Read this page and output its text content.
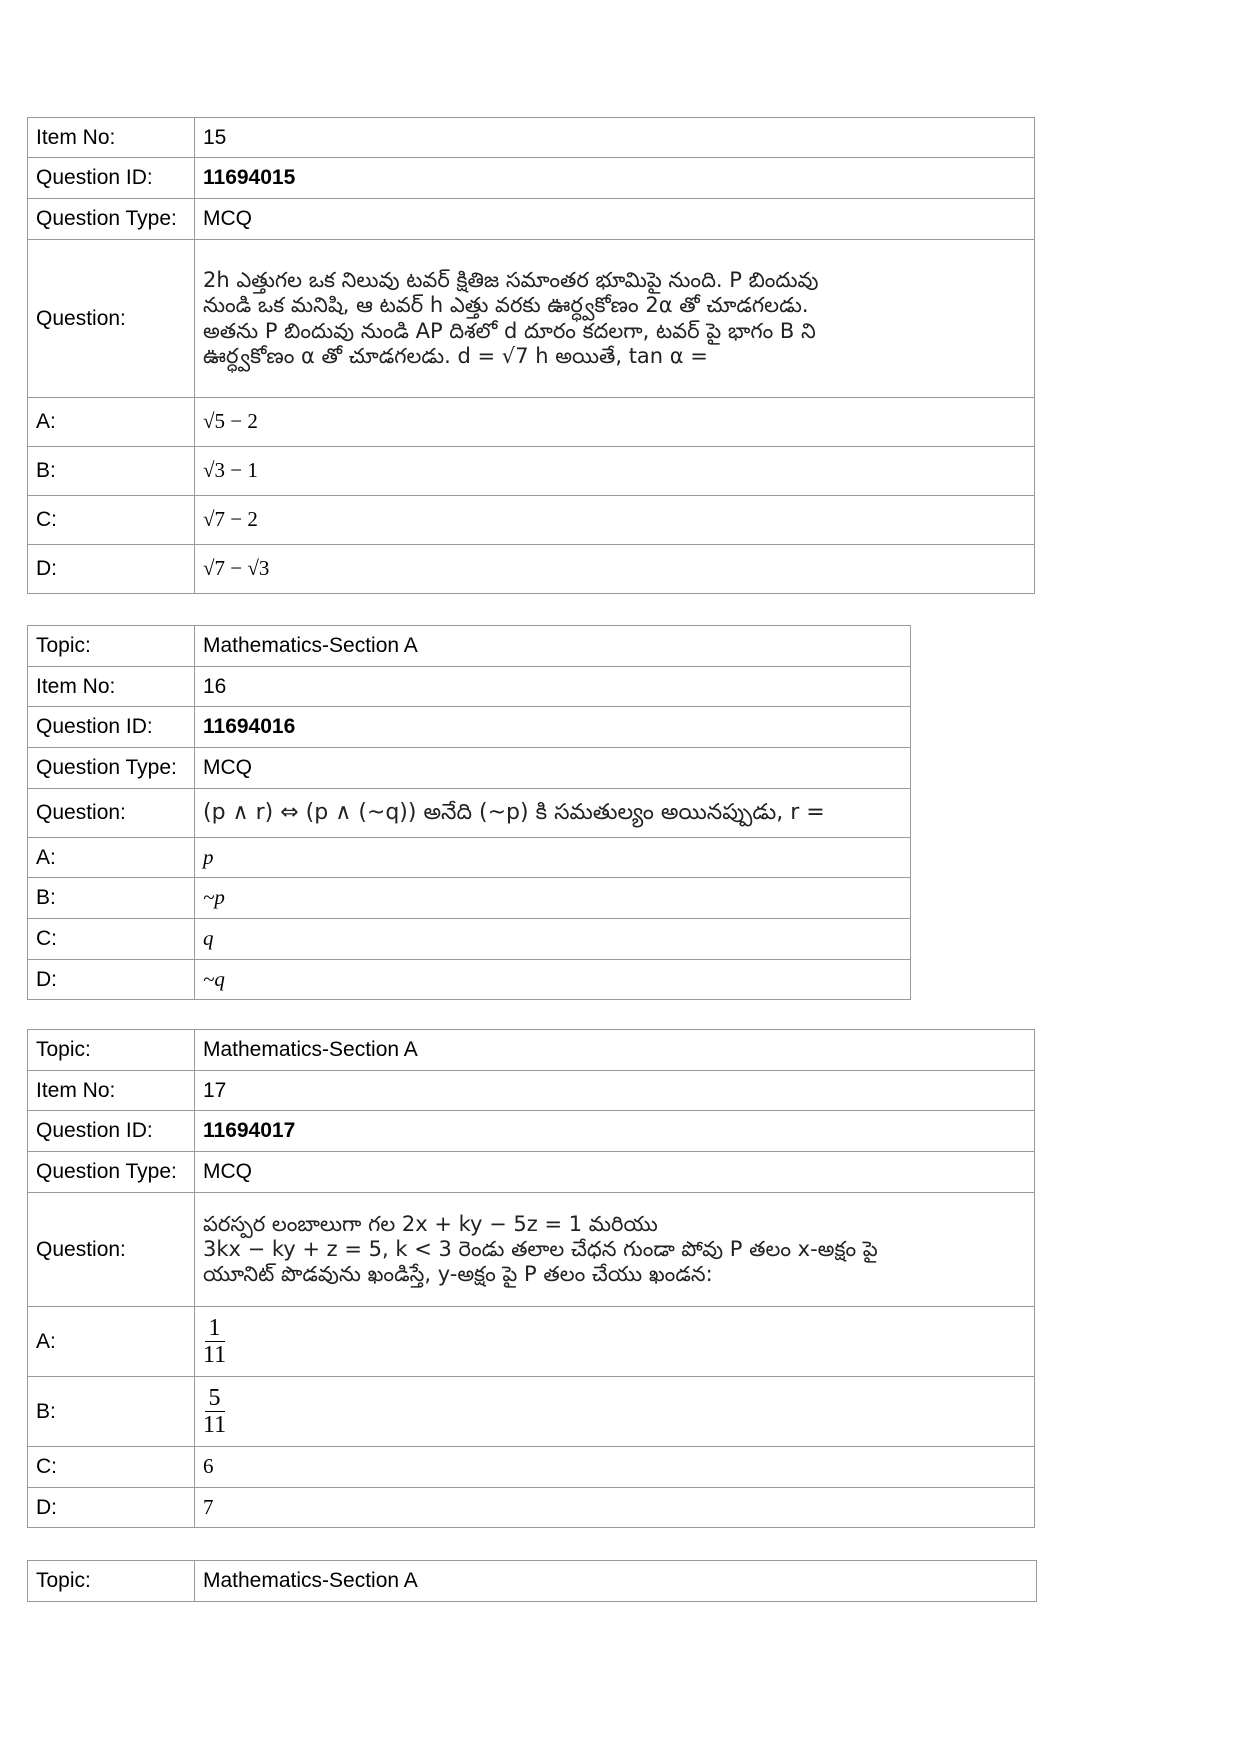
Item No:	15
Question ID:	11694015
Question Type:	MCQ
Question:	2h ఎత్తుగల ఒక నిలువు టవర్ క్షితిజ సమాంతర భూమిపై నుంది. P బిందువు
నుండి ఒక మనిషి, ఆ టవర్ h ఎత్తు వరకు ఊర్ధ్వకోణం 2α తో చూడగలడు.
అతను P బిందువు నుండి AP దిశలో d దూరం కదలగా, టవర్ పై భాగం B ని
ఊర్ధ్వకోణం α తో చూడగలడు. d = √7 h అయితే, tan α =

A:	√5 − 2
B:	√3 − 1
C:	√7 − 2
D:	√7 − √3
Topic:	Mathematics-Section A
Item No:	16
Question ID:	11694016
Question Type:	MCQ
Question:	(p ∧ r) ⇔ (p ∧ (~q)) అనేది (~p) కి సమతుల్యం అయినప్పుడు, r =
A:	p
B:	~p
C:	q
D:	~q
Topic:	Mathematics-Section A
Item No:	17
Question ID:	11694017
Question Type:	MCQ
Question:	పరస్పర లంబాలుగా గల 2x + ky − 5z = 1 మరియు
3kx − ky + z = 5, k < 3 రెండు తలాల చేధన గుండా పోవు P తలం x-అక్షం పై
యూనిట్ పొడవును ఖండిస్తే, y-అక్షం పై P తలం చేయు ఖండన:

A:	$\frac{1}{11}$

B:	$\frac{5}{11}$

C:	6
D:	7
Topic:	Mathematics-Section A
